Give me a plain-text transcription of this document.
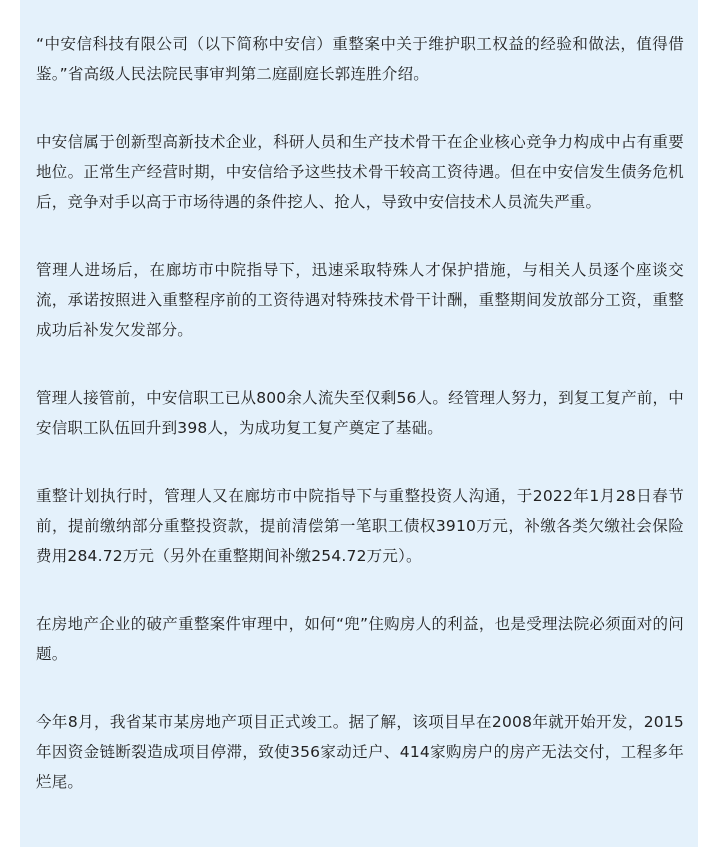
“中安信科技有限公司（以下简称中安信）重整案中关于维护职工权益的经验和做法，值得借鉴。”省高级人民法院民事审判第二庭副庭长郭连胜介绍。

中安信属于创新型高新技术企业，科研人员和生产技术骨干在企业核心竞争力构成中占有重要地位。正常生产经营时期，中安信给予这些技术骨干较高工资待遇。但在中安信发生债务危机后，竞争对手以高于市场待遇的条件挖人、抢人，导致中安信技术人员流失严重。

管理人进场后，在廊坊市中院指导下，迅速采取特殊人才保护措施，与相关人员逐个座谈交流，承诺按照进入重整程序前的工资待遇对特殊技术骨干计酬，重整期间发放部分工资，重整成功后补发欠发部分。

管理人接管前，中安信职工已从800余人流失至仅剩56人。经管理人努力，到复工复产前，中安信职工队伍回升到398人，为成功复工复产奠定了基础。

重整计划执行时，管理人又在廊坊市中院指导下与重整投资人沟通，于2022年1月28日春节前，提前缴纳部分重整投资款，提前清偿第一笔职工债权3910万元，补缴各类欠缴社会保险费用284.72万元（另外在重整期间补缴254.72万元）。

在房地产企业的破产重整案件审理中，如何“兜”住购房人的利益，也是受理法院必须面对的问题。

今年8月，我省某市某房地产项目正式竣工。据了解，该项目早在2008年就开始开发，2015年因资金链断裂造成项目停滞，致使356家动迁户、414家购房户的房产无法交付，工程多年烂尾。
